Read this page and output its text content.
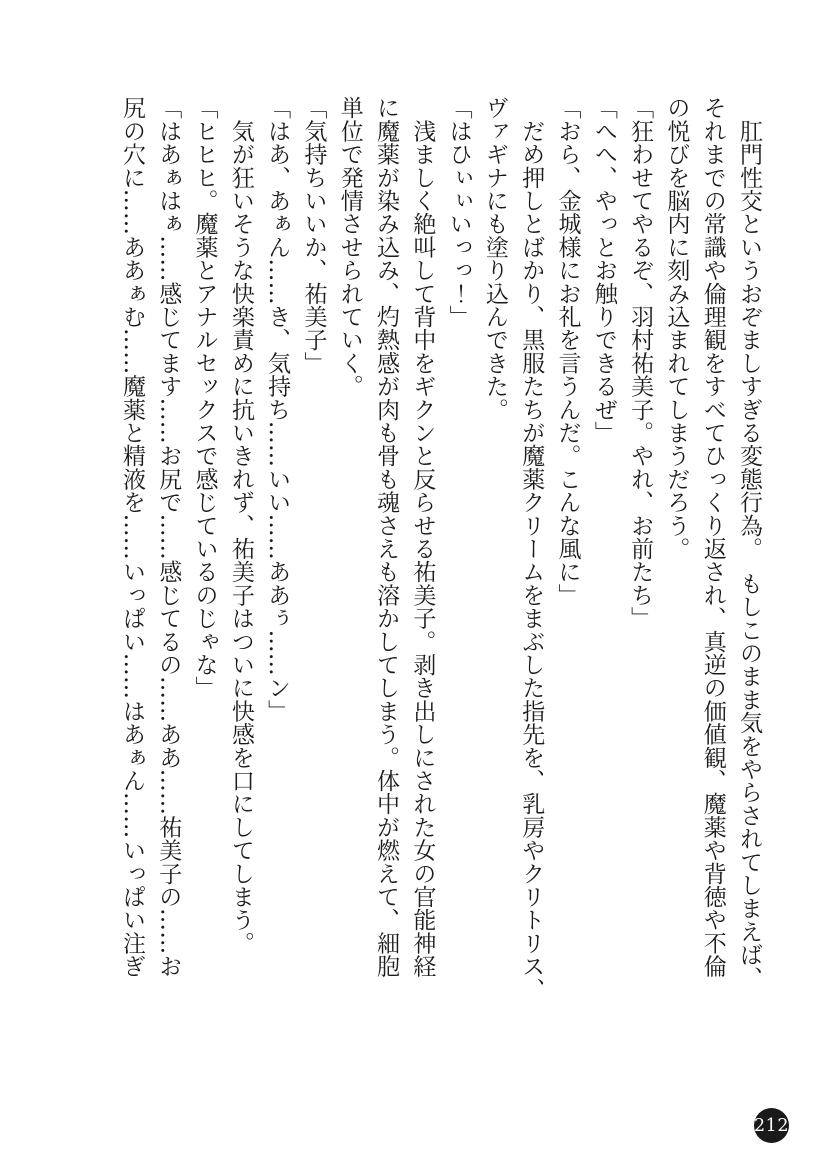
　肛門性交というおぞましすぎる変態行為。　もしこのまま気をやらされてしまえば、
それまでの常識や倫理観をすべてひっくり返され、真逆の価値観、魔薬や背徳や不倫
の悦びを脳内に刻み込まれてしまうだろう。
「狂わせてやるぞ、羽村祐美子。やれ、お前たち」
「へへ、やっとお触りできるぜ」
「おら、金城様にお礼を言うんだ。こんな風に」
　だめ押しとばかり、黒服たちが魔薬クリームをまぶした指先を、乳房やクリトリス、
ヴァギナにも塗り込んできた。
「はひぃぃいっっ！」
　浅ましく絶叫して背中をギクンと反らせる祐美子。剥き出しにされた女の官能神経
に魔薬が染み込み、灼熱感が肉も骨も魂さえも溶かしてしまう。体中が燃えて、細胞
単位で発情させられていく。
「気持ちいいか、祐美子」
「はあ、あぁん……き、気持ち……いい……ああぅ……ン」
　気が狂いそうな快楽責めに抗いきれず、祐美子はついに快感を口にしてしまう。
「ヒヒヒ。魔薬とアナルセックスで感じているのじゃな」
「はあぁはぁ……感じてます……お尻で……感じてるの……ああ……祐美子の……お
尻の穴に……ああぁむ……魔薬と精液を……いっぱい……はあぁん……いっぱい注ぎ
212
